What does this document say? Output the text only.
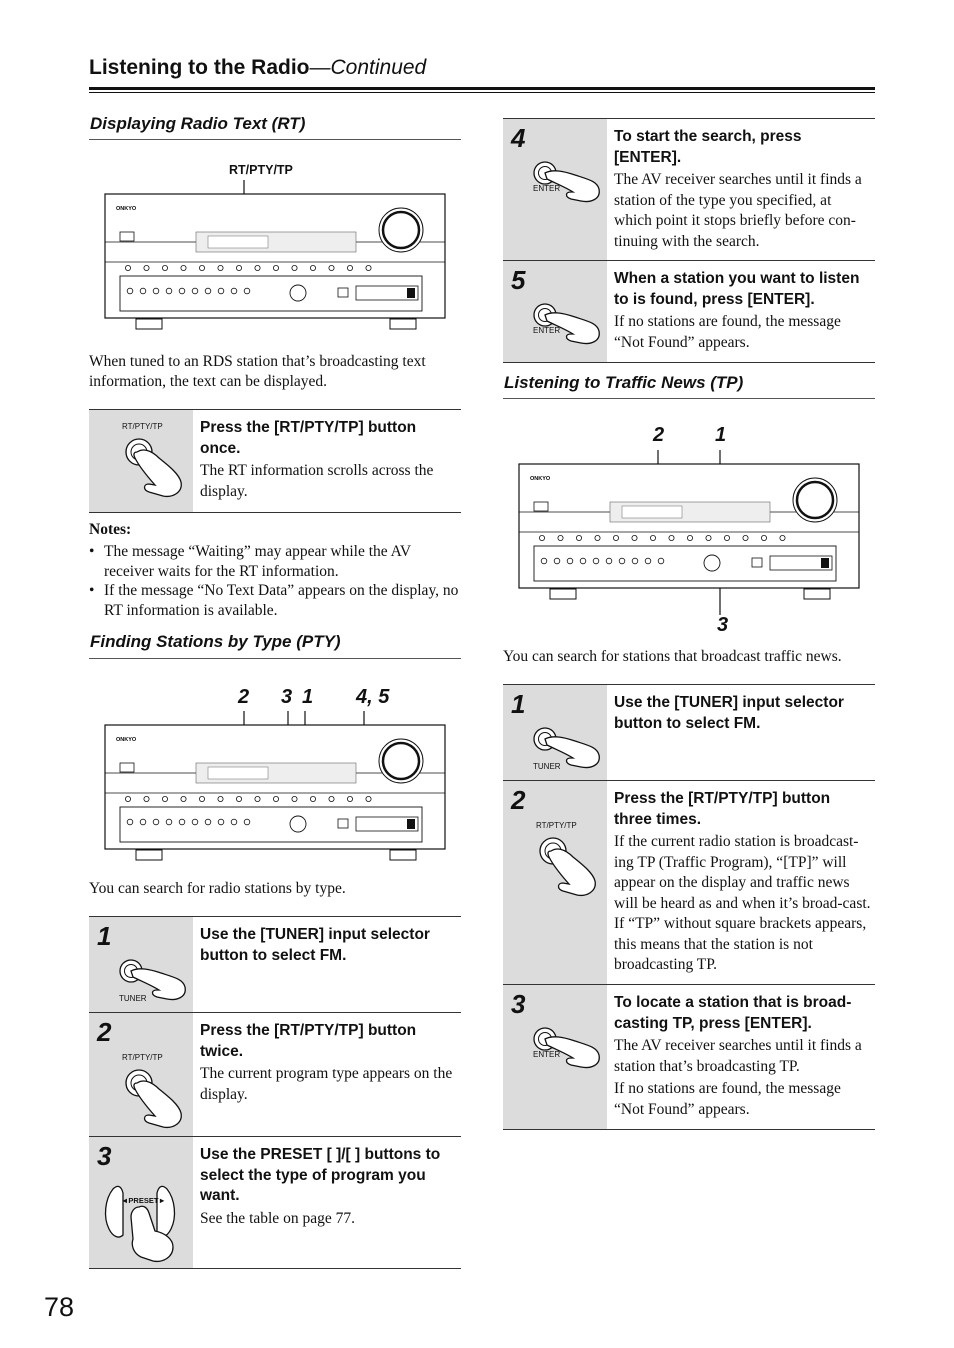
Listening to the Radio—Continued
Displaying Radio Text (RT)
RT/PTY/TP
ONKYO
When tuned to an RDS station that’s broadcasting text information, the text can be displayed.
RT/PTY/TP Press the [RT/PTY/TP] button once.
The RT information scrolls across the display.
Notes:
• The message “Waiting” may appear while the AV receiver waits for the RT information.
• If the message “No Text Data” appears on the display, no RT information is available.
Finding Stations by Type (PTY)
2 3 1 4, 5
ONKYO
You can search for radio stations by type.
1
TUNER
Use the [TUNER] input selector button to select FM.
2
RT/PTY/TP
Press the [RT/PTY/TP] button twice.
The current program type appears on the display.
3
◄PRESET►
Use the PRESET [ ]/[ ] buttons to select the type of program you want.
See the table on page 77.
4
ENTER
To start the search, press [ENTER].
The AV receiver searches until it finds a station of the type you specified, at which point it stops briefly before con-tinuing with the search.
5
ENTER
When a station you want to listen to is found, press [ENTER].
If no stations are found, the message “Not Found” appears.
Listening to Traffic News (TP)
2	1
ONKYO
3
You can search for stations that broadcast traffic news.
1
TUNER
Use the [TUNER] input selector button to select FM.
2
RT/PTY/TP
Press the [RT/PTY/TP] button three times.
If the current radio station is broadcast-ing TP (Traffic Program), “[TP]” will appear on the display and traffic news will be heard as and when it’s broad-cast. If “TP” without square brackets appears, this means that the station is not broadcasting TP.
3
ENTER
To locate a station that is broad-casting TP, press [ENTER].
The AV receiver searches until it finds a station that’s broadcasting TP.
If no stations are found, the message “Not Found” appears.
78
